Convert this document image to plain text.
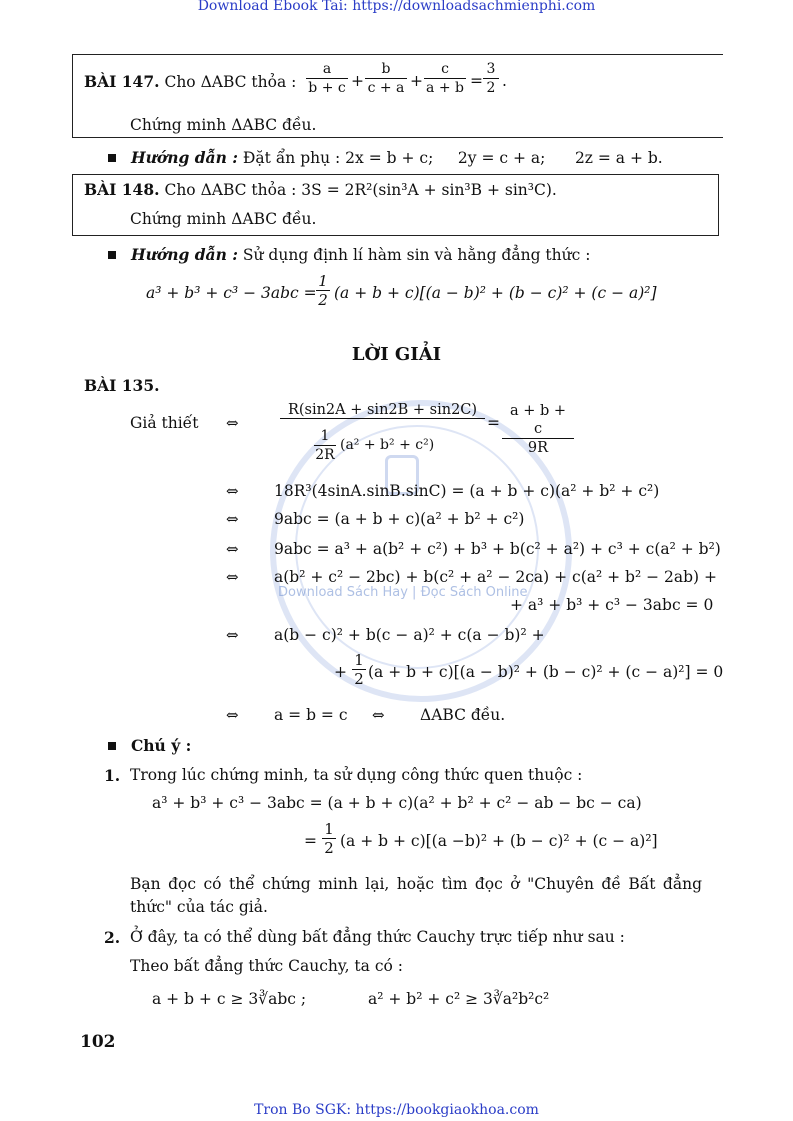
Download Ebook Tai: https://downloadsachmienphi.com
Download Sách Hay | Đọc Sách Online
BÀI 147. Cho ΔABC thỏa : $\frac{a}{b + c} + \frac{b}{c + a} + \frac{c}{a + b} = \frac{3}{2}$ .
Chứng minh ΔABC đều.
Hướng dẫn : Đặt ẩn phụ : 2x = b + c;     2y = c + a;      2z = a + b.
BÀI 148. Cho ΔABC thỏa : 3S = 2R²(sin³A + sin³B + sin³C).
Chứng minh ΔABC đều.
Hướng dẫn : Sử dụng định lí hàm sin và hằng đẳng thức :
$a^3 + b^3 + c^3 - 3abc = \frac{1}{2} (a + b + c)[(a - b)^2 + (b - c)^2 + (c - a)^2]$
LỜI GIẢI
BÀI 135.
Giả thiết ⇔
R(sin2A + sin2B + sin2C)
$\frac{1}{2R} (a^2 + b^2 + c^2)$
= $\frac{a + b + c}{9R}$
⇔ 18R³(4sinA.sinB.sinC) = (a + b + c)(a² + b² + c²)
⇔ 9abc = (a + b + c)(a² + b² + c²)
⇔ 9abc = a³ + a(b² + c²) + b³ + b(c² + a²) + c³ + c(a² + b²)
⇔ a(b² + c² − 2bc) + b(c² + a² − 2ca) + c(a² + b² − 2ab) +
+ a³ + b³ + c³ − 3abc = 0
⇔ a(b − c)² + b(c − a)² + c(a − b)² +
+ $\frac{1}{2} (a + b + c)[(a - b)^2 + (b - c)^2 + (c - a)^2] = 0$
⇔ a = b = c ⇔ ΔABC đều.
Chú ý :
1. Trong lúc chứng minh, ta sử dụng công thức quen thuộc :
a³ + b³ + c³ − 3abc = (a + b + c)(a² + b² + c² − ab − bc − ca)
= $\frac{1}{2} (a + b + c)[(a -b)^2 + (b - c)^2 + (c - a)^2]$
Bạn đọc có thể chứng minh lại, hoặc tìm đọc ở "Chuyên đề Bất đẳng
thức" của tác giả.
2. Ở đây, ta có thể dùng bất đẳng thức Cauchy trực tiếp như sau :
Theo bất đẳng thức Cauchy, ta có :
a + b + c ≥ 3∛abc ;	a² + b² + c² ≥ 3∛a²b²c²
102
Tron Bo SGK: https://bookgiaokhoa.com
